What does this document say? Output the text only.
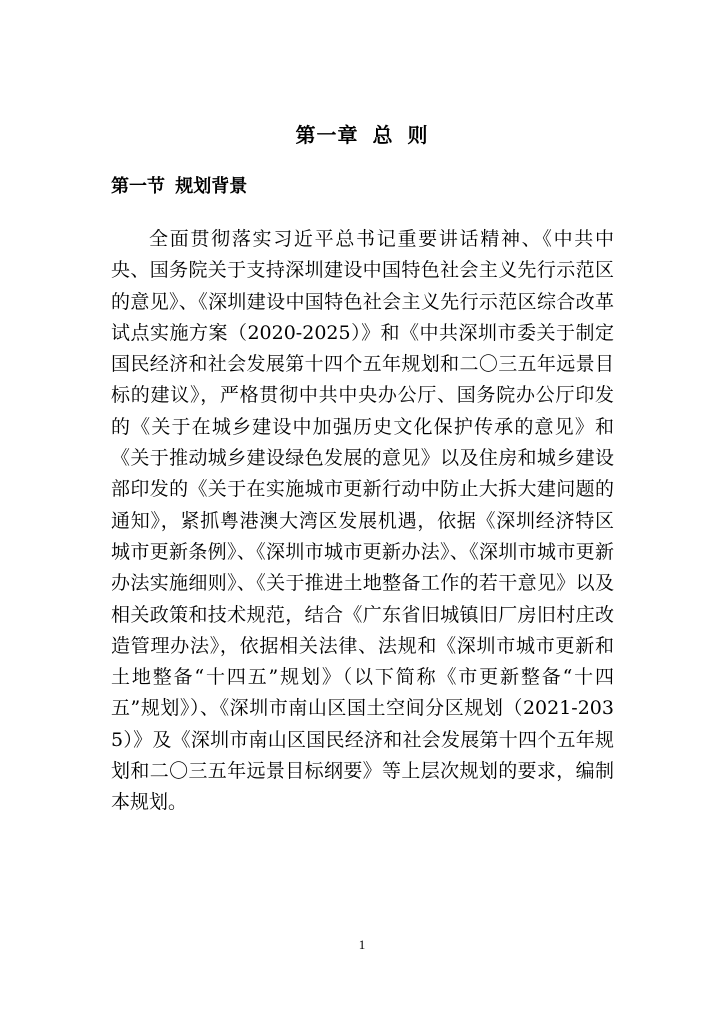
第一章 总 则
第一节 规划背景

全面贯彻落实习近平总书记重要讲话精神、《中共中央、国务院关于支持深圳建设中国特色社会主义先行示范区的意见》、《深圳建设中国特色社会主义先行示范区综合改革试点实施方案（2020-2025）》和《中共深圳市委关于制定国民经济和社会发展第十四个五年规划和二〇三五年远景目标的建议》，严格贯彻中共中央办公厅、国务院办公厅印发的《关于在城乡建设中加强历史文化保护传承的意见》和《关于推动城乡建设绿色发展的意见》以及住房和城乡建设部印发的《关于在实施城市更新行动中防止大拆大建问题的通知》，紧抓粤港澳大湾区发展机遇，依据《深圳经济特区城市更新条例》、《深圳市城市更新办法》、《深圳市城市更新办法实施细则》、《关于推进土地整备工作的若干意见》以及相关政策和技术规范，结合《广东省旧城镇旧厂房旧村庄改造管理办法》，依据相关法律、法规和《深圳市城市更新和土地整备“十四五”规划》（以下简称《市更新整备“十四五”规划》）、《深圳市南山区国土空间分区规划（2021-2035）》及《深圳市南山区国民经济和社会发展第十四个五年规划和二〇三五年远景目标纲要》等上层次规划的要求，编制本规划。

1
